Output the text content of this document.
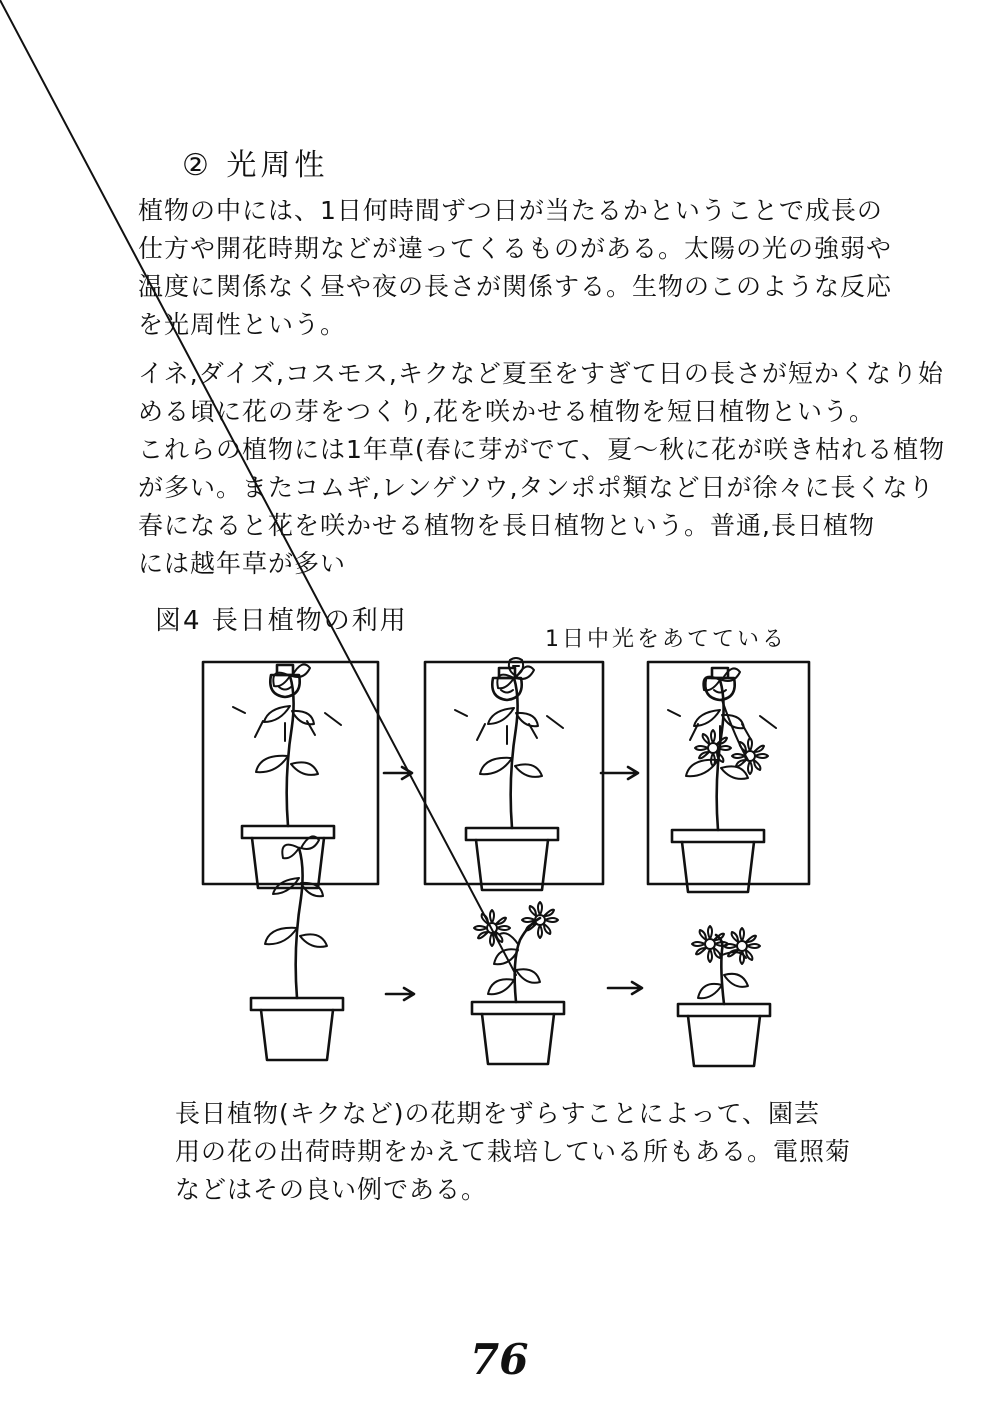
② 光周性
植物の中には、1日何時間ずつ日が当たるかということで成長の
仕方や開花時期などが違ってくるものがある。太陽の光の強弱や
温度に関係なく昼や夜の長さが関係する。生物のこのような反応
を光周性という。
イネ,ダイズ,コスモス,キクなど夏至をすぎて日の長さが短かくなり始
める頃に花の芽をつくり,花を咲かせる植物を短日植物という。
これらの植物には1年草(春に芽がでて、夏～秋に花が咲き枯れる植物
が多い。またコムギ,レンゲソウ,タンポポ類など日が徐々に長くなり
春になると花を咲かせる植物を長日植物という。普通,長日植物
には越年草が多い
図4 長日植物の利用
1日中光をあてている
長日植物(キクなど)の花期をずらすことによって、園芸
用の花の出荷時期をかえて栽培している所もある。電照菊
などはその良い例である。
76
